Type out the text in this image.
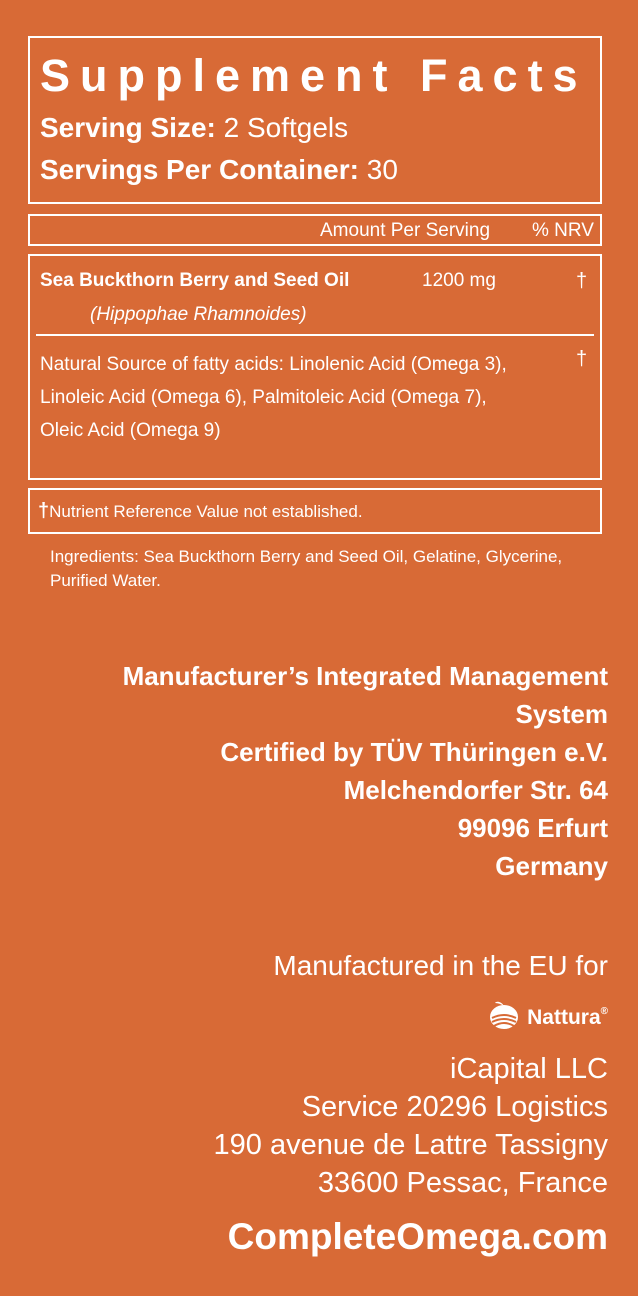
Supplement Facts
Serving Size: 2 Softgels
Servings Per Container: 30
Amount Per Serving % NRV
Sea Buckthorn Berry and Seed Oil
(Hippophae Rhamnoides)
1200 mg	†
Natural Source of fatty acids: Linolenic Acid (Omega 3),
Linoleic Acid (Omega 6), Palmitoleic Acid (Omega 7),
Oleic Acid (Omega 9)
†
†Nutrient Reference Value not established.
Ingredients: Sea Buckthorn Berry and Seed Oil, Gelatine, Glycerine,
Purified Water.
Manufacturer’s Integrated Management
System
Certified by TÜV Thüringen e.V.
Melchendorfer Str. 64
99096 Erfurt
Germany
Manufactured in the EU for
Nattura®
iCapital LLC
Service 20296 Logistics
190 avenue de Lattre Tassigny
33600 Pessac, France
CompleteOmega.com
